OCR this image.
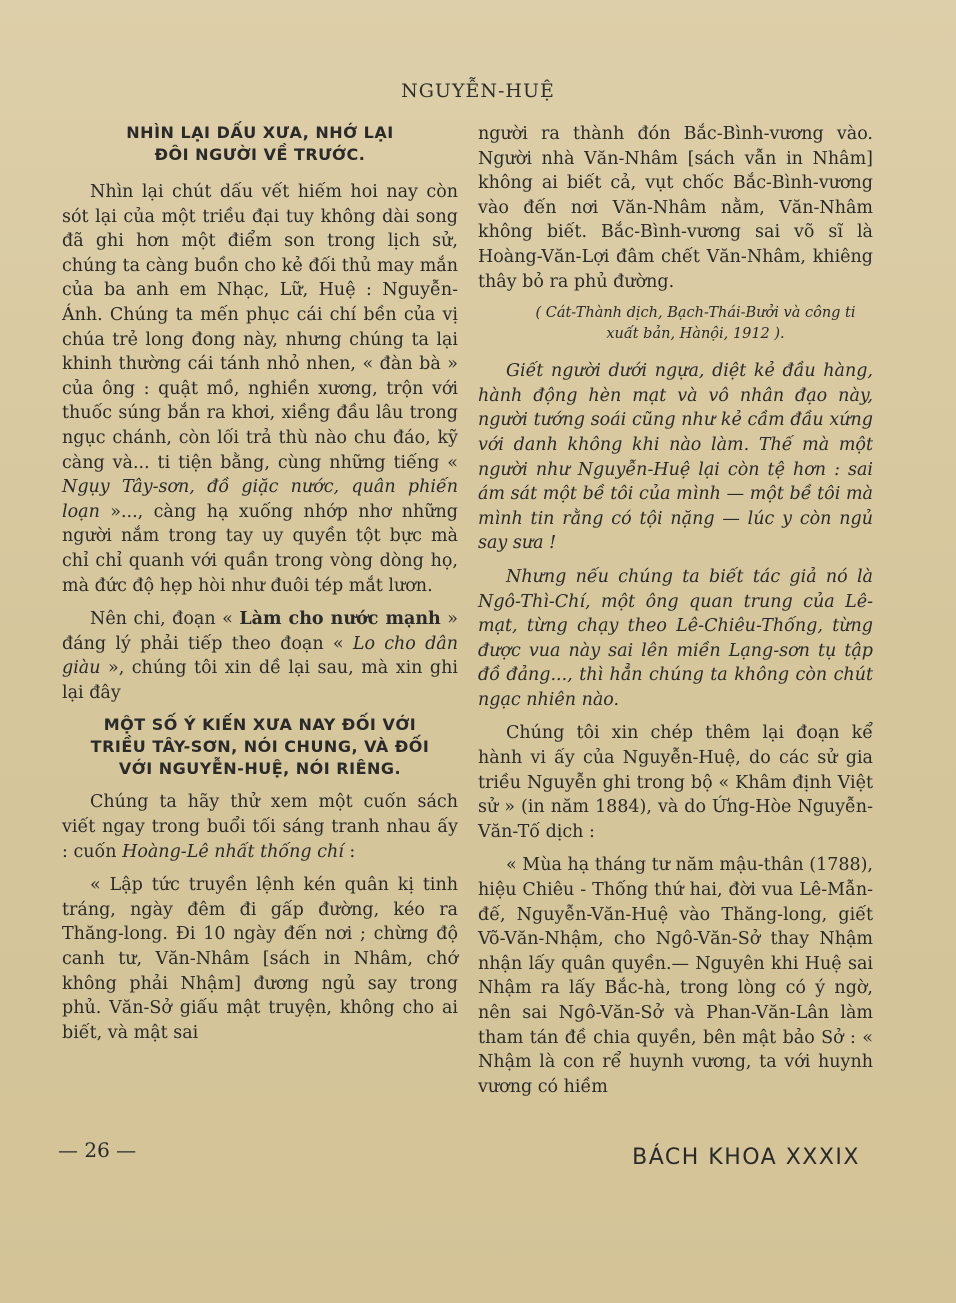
NGUYỄN-HUỆ
NHÌN LẠI DẤU XƯA, NHỚ LẠI
ĐÔI NGƯỜI VỀ TRƯỚC.

Nhìn lại chút dấu vết hiếm hoi nay còn sót lại của một triều đại tuy không dài song đã ghi hơn một điểm son trong lịch sử, chúng ta càng buồn cho kẻ đối thủ may mắn của ba anh em Nhạc, Lữ, Huệ : Nguyễn-Ánh. Chúng ta mến phục cái chí bền của vị chúa trẻ long đong này, nhưng chúng ta lại khinh thường cái tánh nhỏ nhen, « đàn bà » của ông : quật mồ, nghiền xương, trộn với thuốc súng bắn ra khơi, xiềng đầu lâu trong ngục chánh, còn lối trả thù nào chu đáo, kỹ càng và... ti tiện bằng, cùng những tiếng « Ngụy Tây-sơn, đồ giặc nước, quân phiến loạn »..., càng hạ xuống nhớp nhơ những người nắm trong tay uy quyền tột bực mà chỉ chỉ quanh với quần trong vòng dòng họ, mà đức độ hẹp hòi như đuôi tép mắt lươn.

Nên chi, đoạn « Làm cho nước mạnh » đáng lý phải tiếp theo đoạn « Lo cho dân giàu », chúng tôi xin dề lại sau, mà xin ghi lại đây

MỘT SỐ Ý KIẾN XƯA NAY ĐỐI VỚI
TRIỀU TÂY-SƠN, NÓI CHUNG, VÀ ĐỐI
VỚI NGUYỄN-HUỆ, NÓI RIÊNG.

Chúng ta hãy thử xem một cuốn sách viết ngay trong buổi tối sáng tranh nhau ấy : cuốn Hoàng-Lê nhất thống chí :

« Lập tức truyền lệnh kén quân kị tinh tráng, ngày đêm đi gấp đường, kéo ra Thăng-long. Đi 10 ngày đến nơi ; chừng độ canh tư, Văn-Nhâm [sách in Nhâm, chớ không phải Nhậm] đương ngủ say trong phủ. Văn-Sở giấu mật truyện, không cho ai biết, và mật sai

người ra thành đón Bắc-Bình-vương vào. Người nhà Văn-Nhâm [sách vẫn in Nhâm] không ai biết cả, vụt chốc Bắc-Bình-vương vào đến nơi Văn-Nhâm nằm, Văn-Nhâm không biết. Bắc-Bình-vương sai võ sĩ là Hoàng-Văn-Lợi đâm chết Văn-Nhâm, khiêng thây bỏ ra phủ đường.

( Cát-Thành dịch, Bạch-Thái-Bưởi và công ti xuất bản, Hànội, 1912 ).

Giết người dưới ngựa, diệt kẻ đầu hàng, hành động hèn mạt và vô nhân đạo này, người tướng soái cũng như kẻ cầm đầu xứng với danh không khi nào làm. Thế mà một người như Nguyễn-Huệ lại còn tệ hơn : sai ám sát một bề tôi của mình — một bề tôi mà mình tin rằng có tội nặng — lúc y còn ngủ say sưa !

Nhưng nếu chúng ta biết tác giả nó là Ngô-Thì-Chí, một ông quan trung của Lê-mạt, từng chạy theo Lê-Chiêu-Thống, từng được vua này sai lên miền Lạng-sơn tụ tập đồ đảng..., thì hẳn chúng ta không còn chút ngạc nhiên nào.

Chúng tôi xin chép thêm lại đoạn kể hành vi ấy của Nguyễn-Huệ, do các sử gia triều Nguyễn ghi trong bộ « Khâm định Việt sử » (in năm 1884), và do Ứng-Hòe Nguyễn-Văn-Tố dịch :

« Mùa hạ tháng tư năm mậu-thân (1788), hiệu Chiêu - Thống thứ hai, đời vua Lê-Mẫn-đế, Nguyễn-Văn-Huệ vào Thăng-long, giết Võ-Văn-Nhậm, cho Ngô-Văn-Sở thay Nhậm nhận lấy quân quyền.— Nguyên khi Huệ sai Nhậm ra lấy Bắc-hà, trong lòng có ý ngờ, nên sai Ngô-Văn-Sở và Phan-Văn-Lân làm tham tán đề chia quyền, bên mật bảo Sở : « Nhậm là con rể huynh vương, ta với huynh vương có hiềm

— 26 —	BÁCH KHOA XXXIX
